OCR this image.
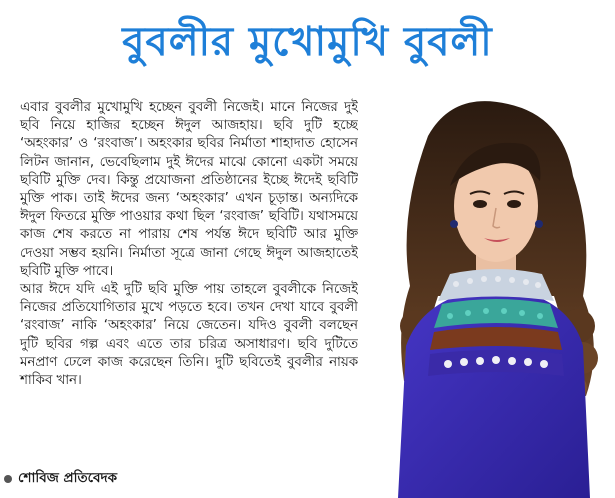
বুবলীর মুখোমুখি বুবলী

এবার বুবলীর মুখোমুখি হচ্ছেন বুবলী নিজেই। মানে নিজের দুই ছবি নিয়ে হাজির হচ্ছেন ঈদুল আজহায়। ছবি দুটি হচ্ছে ‘অহংকার’ ও ‘রংবাজ’। অহংকার ছবির নির্মাতা শাহাদাত হোসেন লিটন জানান, ভেবেছিলাম দুই ঈদের মাঝে কোনো একটা সময়ে ছবিটি মুক্তি দেব। কিন্তু প্রযোজনা প্রতিষ্ঠানের ইচ্ছে ঈদেই ছবিটি মুক্তি পাক। তাই ঈদের জন্য ‘অহংকার’ এখন চূড়ান্ত। অন্যদিকে ঈদুল ফিতরে মুক্তি পাওয়ার কথা ছিল ‘রংবাজ’ ছবিটি। যথাসময়ে কাজ শেষ করতে না পারায় শেষ পর্যন্ত ঈদে ছবিটি আর মুক্তি দেওয়া সম্ভব হয়নি। নির্মাতা সূত্রে জানা গেছে ঈদুল আজহাতেই ছবিটি মুক্তি পাবে।

আর ঈদে যদি এই দুটি ছবি মুক্তি পায় তাহলে বুবলীকে নিজেই নিজের প্রতিযোগিতার মুখে পড়তে হবে। তখন দেখা যাবে বুবলী ‘রংবাজ’ নাকি ‘অহংকার’ নিয়ে জেতেন। যদিও বুবলী বলছেন দুটি ছবির গল্প এবং এতে তার চরিত্র অসাধারণ। ছবি দুটিতে মনপ্রাণ ঢেলে কাজ করেছেন তিনি। দুটি ছবিতেই বুবলীর নায়ক শাকিব খান।

শোবিজ প্রতিবেদক
